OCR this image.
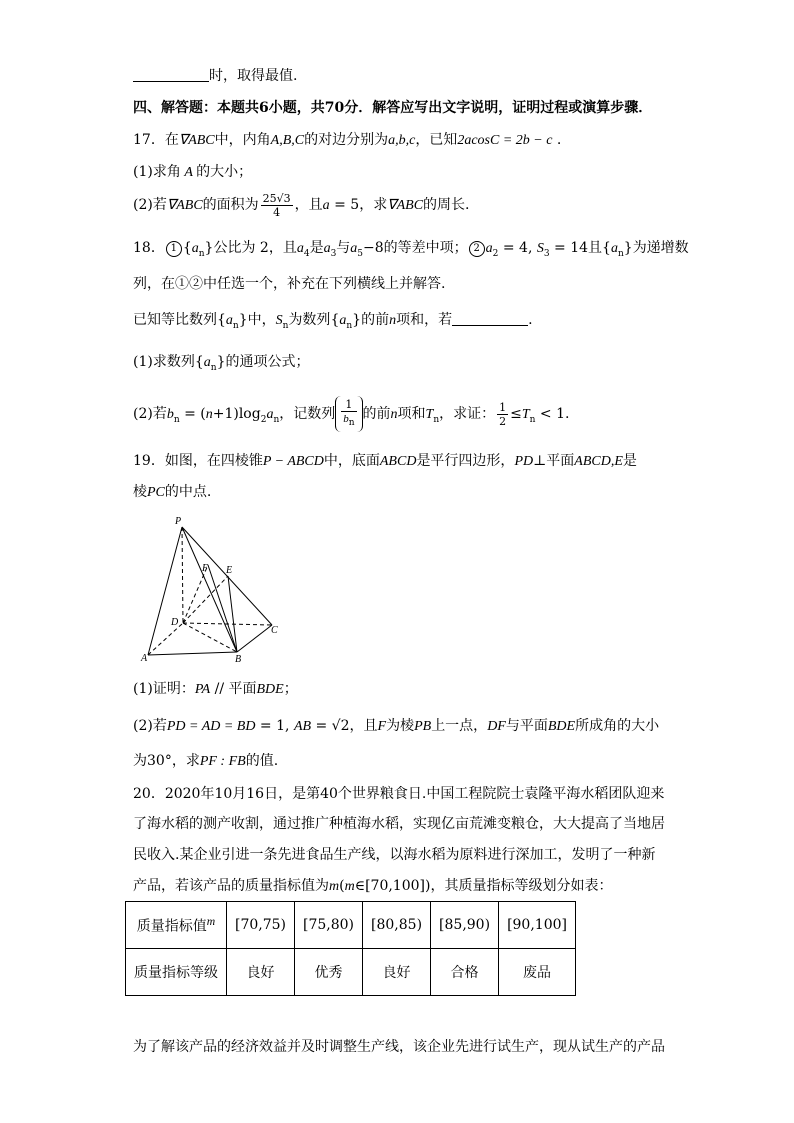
时，取得最值.
四、解答题：本题共6小题，共70分．解答应写出文字说明，证明过程或演算步骤．
17．在∇ABC中，内角A,B,C的对边分别为a,b,c，已知2acosC = 2b − c .
(1)求角 A 的大小；
(2)若∇ABC的面积为 $\frac{25√3}{4}$ ，且a = 5，求∇ABC的周长.
18． 1 $\{a_n\}$公比为 2，且$a_4$是$a_3$与$a_5-8$的等差中项； 2 $a_2 = 4$, $S_3 = 14$且$\{a_n\}$为递增数
列，在①②中任选一个，补充在下列横线上并解答.
已知等比数列$\{a_n\}$中，$S_n$为数列$\{a_n\}$的前n项和，若	.
(1)求数列$\{a_n\}$的通项公式；
(2)若$b_n = (n+1)\log_2a_n$，记数列 $\frac{1}{b_n}$ 的前n项和$T_n$，求证： $\frac{1}{2} \le T_n < 1$.
19．如图，在四棱锥P − ABCD中，底面ABCD是平行四边形，PD⊥平面ABCD,E是
棱PC的中点.
P
F E
D
C
A	B
(1)证明：PA // 平面BDE；
(2)若PD = AD = BD = 1, AB = √2，且F为棱PB上一点，DF与平面BDE所成角的大小
为30°，求PF : FB的值.
20．2020年10月16日，是第40个世界粮食日.中国工程院院士袁隆平海水稻团队迎来
了海水稻的测产收割，通过推广种植海水稻，实现亿亩荒滩变粮仓，大大提高了当地居
民收入.某企业引进一条先进食品生产线，以海水稻为原料进行深加工，发明了一种新
产品，若该产品的质量指标值为m(m∈[70,100])，其质量指标等级划分如表：
质量指标值$^m$	[70,75)	[75,80)	[80,85)	[85,90)	[90,100]
质量指标等级	良好	优秀	良好	合格	废品
为了解该产品的经济效益并及时调整生产线，该企业先进行试生产，现从试生产的产品
